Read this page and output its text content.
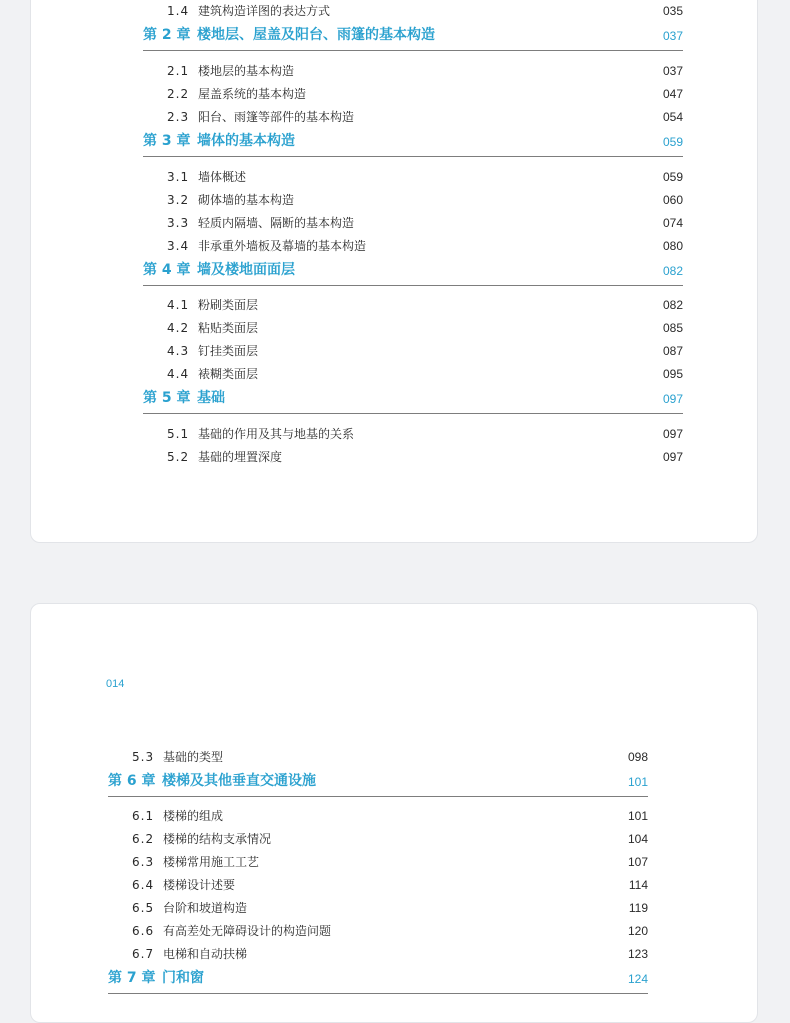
1.4 建筑构造详图的表达方式	035
第 2 章 楼地层、屋盖及阳台、雨篷的基本构造	037
2.1 楼地层的基本构造	037
2.2 屋盖系统的基本构造	047
2.3 阳台、雨篷等部件的基本构造	054
第 3 章 墙体的基本构造	059
3.1 墙体概述	059
3.2 砌体墙的基本构造	060
3.3 轻质内隔墙、隔断的基本构造	074
3.4 非承重外墙板及幕墙的基本构造	080
第 4 章 墙及楼地面面层	082
4.1 粉刷类面层	082
4.2 粘贴类面层	085
4.3 钉挂类面层	087
4.4 裱糊类面层	095
第 5 章 基础	097
5.1 基础的作用及其与地基的关系	097
5.2 基础的埋置深度	097
014
5.3 基础的类型	098
第 6 章 楼梯及其他垂直交通设施	101
6.1 楼梯的组成	101
6.2 楼梯的结构支承情况	104
6.3 楼梯常用施工工艺	107
6.4 楼梯设计述要	114
6.5 台阶和坡道构造	119
6.6 有高差处无障碍设计的构造问题	120
6.7 电梯和自动扶梯	123
第 7 章 门和窗	124
